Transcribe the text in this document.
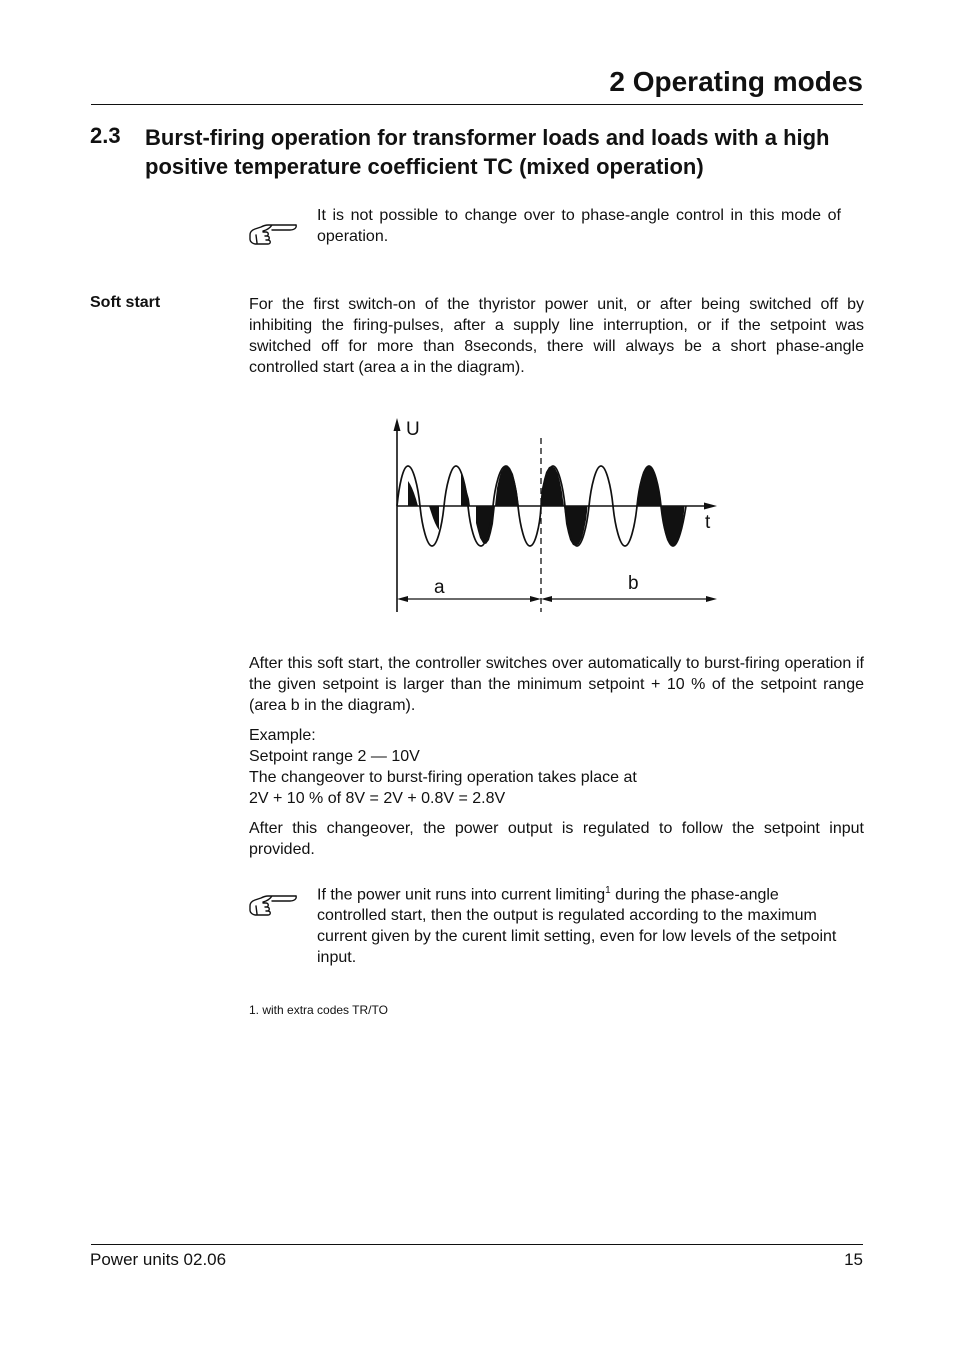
2 Operating modes
2.3 Burst-firing operation for transformer loads and loads with a high positive temperature coefficient TC (mixed operation)
It is not possible to change over to phase-angle control in this mode of operation.
Soft start	For the first switch-on of the thyristor power unit, or after being switched off by inhibiting the firing-pulses, after a supply line interruption, or if the setpoint was switched off for more than 8seconds, there will always be a short phase-angle controlled start (area a in the diagram).
U
t
a	b
After this soft start, the controller switches over automatically to burst-firing operation if the given setpoint is larger than the minimum setpoint + 10 % of the setpoint range (area b in the diagram).
Example:
Setpoint range 2 — 10V
The changeover to burst-firing operation takes place at
2V + 10 % of 8V = 2V + 0.8V = 2.8V
After this changeover, the power output is regulated to follow the setpoint input provided.
If the power unit runs into current limiting$^1$ during the phase-angle controlled start, then the output is regulated according to the maximum current given by the curent limit setting, even for low levels of the setpoint input.
1. with extra codes TR/TO
Power units 02.06	15
